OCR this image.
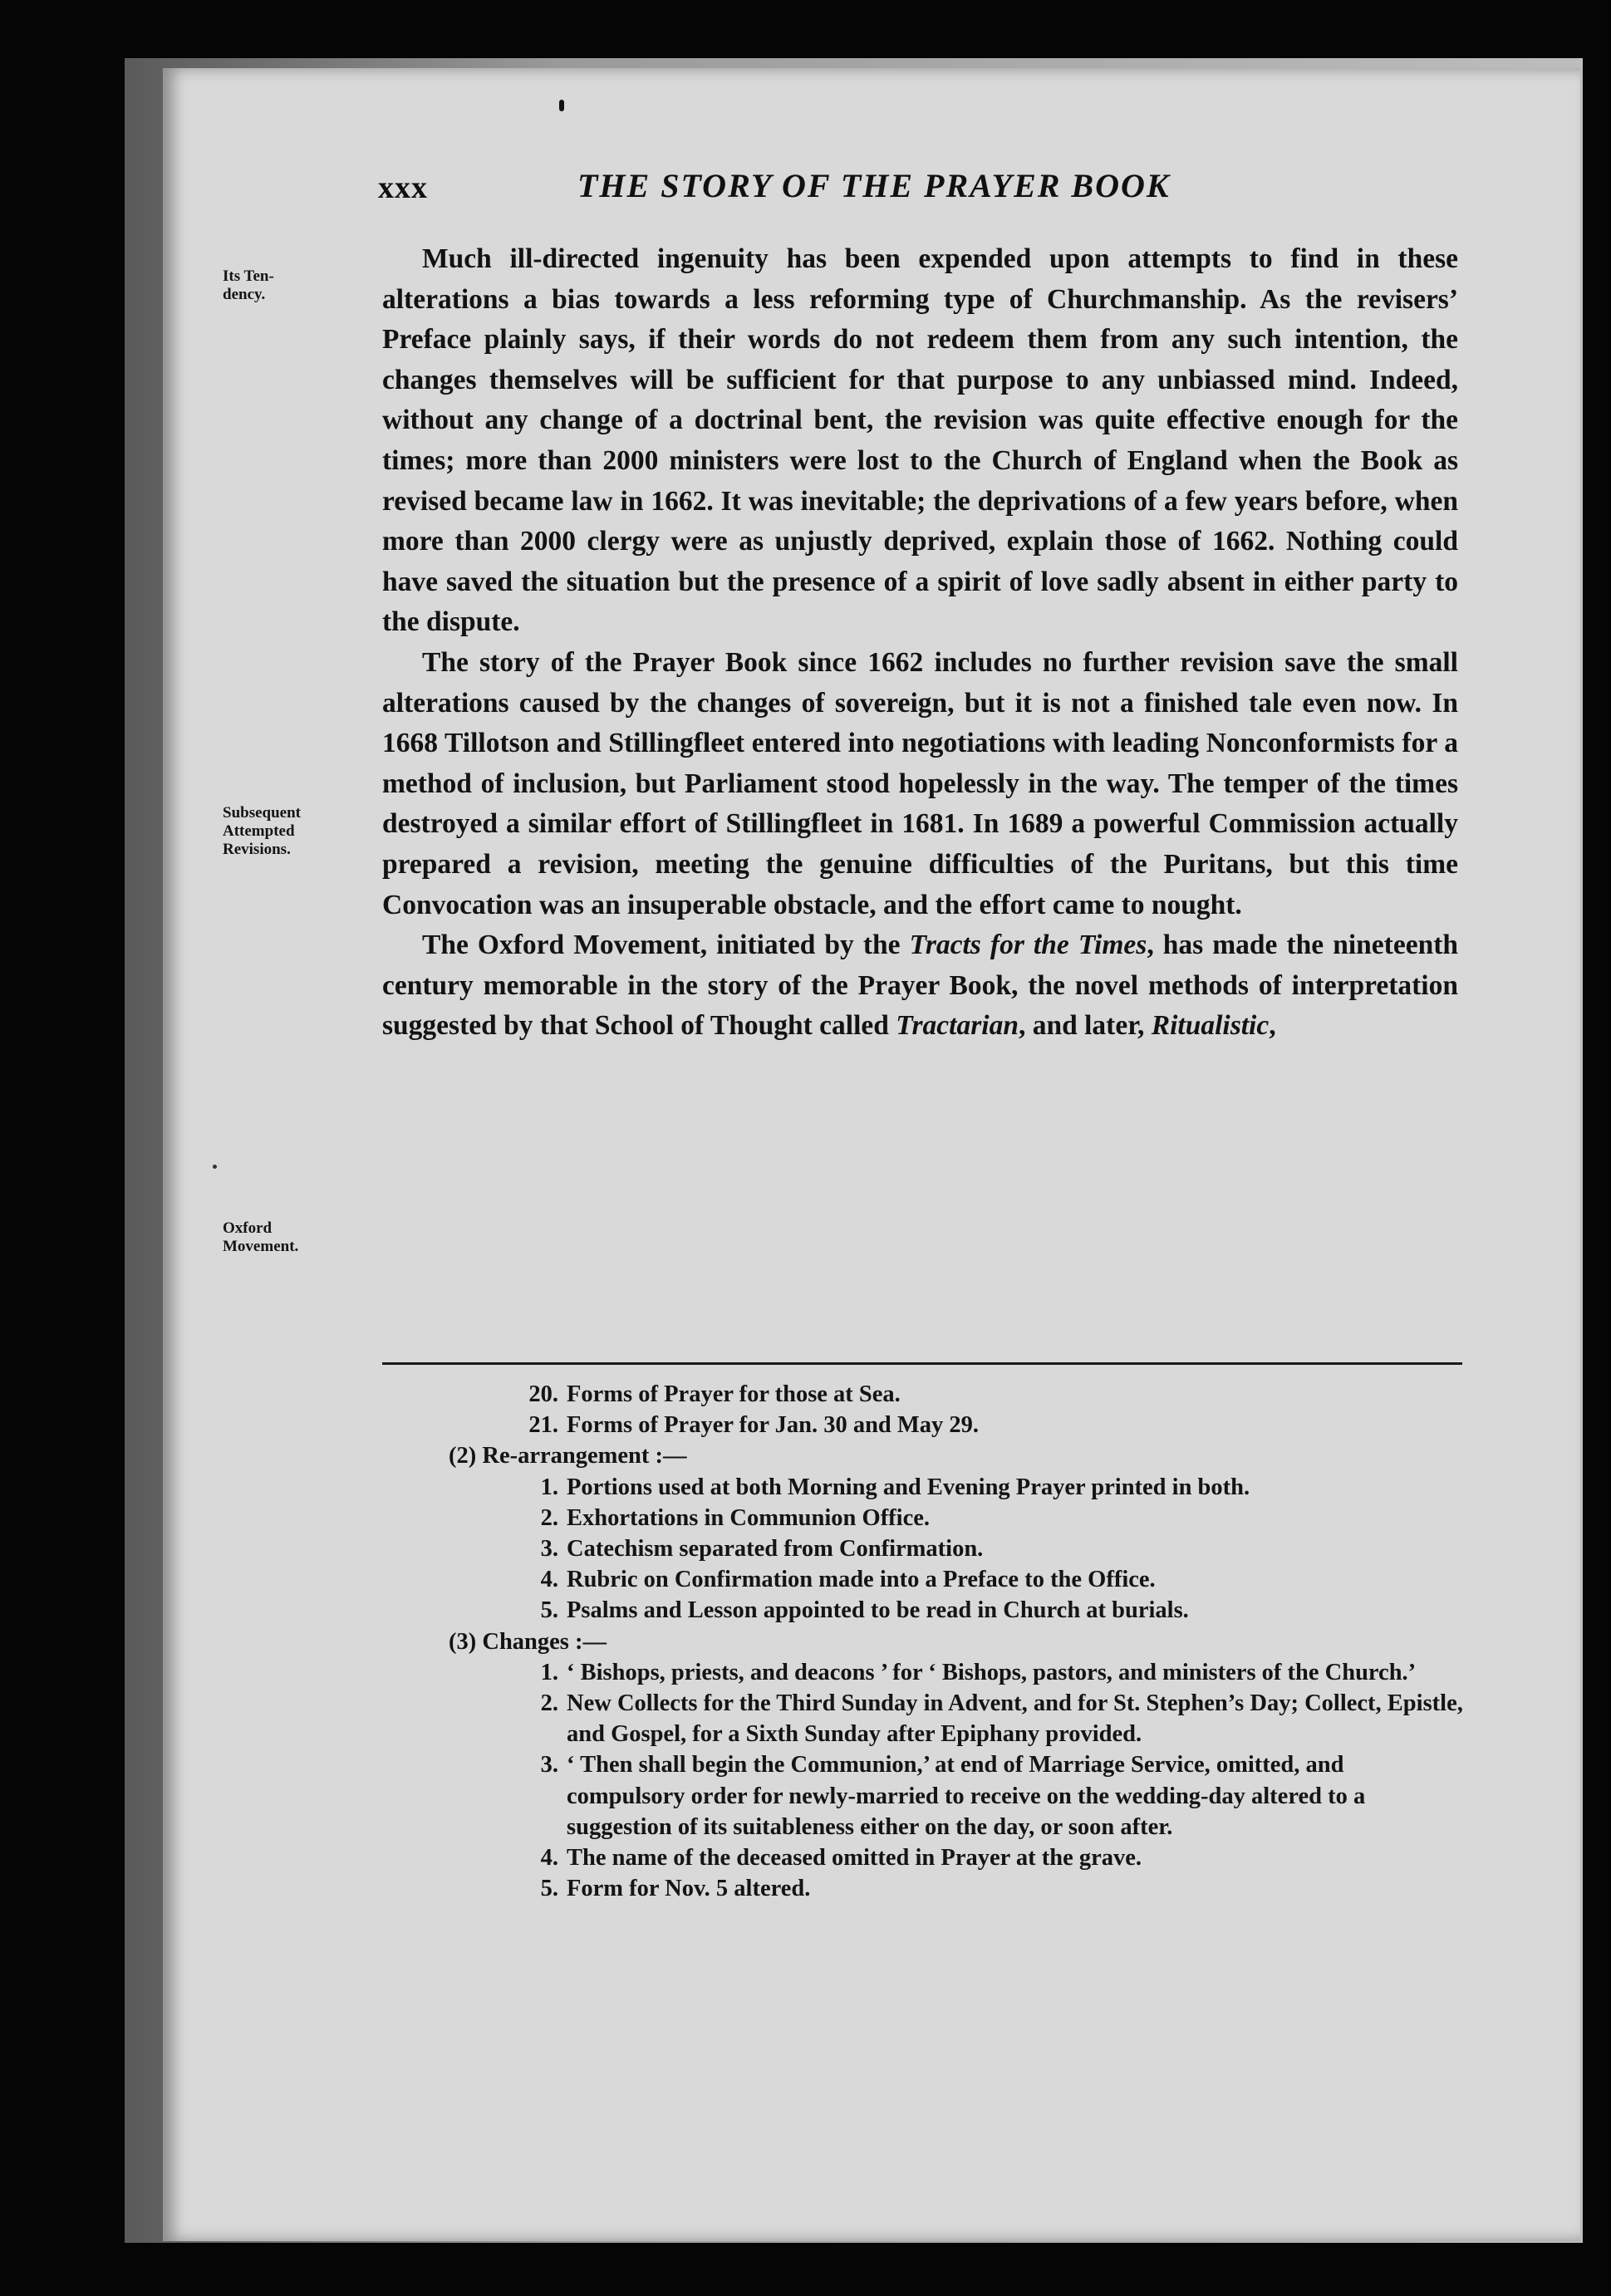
xxx	THE STORY OF THE PRAYER BOOK
Its Ten-
dency.
Subsequent
Attempted
Revisions.
Oxford
Movement.

Much ill-directed ingenuity has been expended upon attempts to find in these alterations a bias towards a less reforming type of Churchmanship. As the revisers’ Preface plainly says, if their words do not redeem them from any such intention, the changes themselves will be sufficient for that purpose to any unbiassed mind. Indeed, without any change of a doctrinal bent, the revision was quite effective enough for the times; more than 2000 ministers were lost to the Church of England when the Book as revised became law in 1662. It was inevitable; the deprivations of a few years before, when more than 2000 clergy were as unjustly deprived, explain those of 1662. Nothing could have saved the situation but the presence of a spirit of love sadly absent in either party to the dispute.

The story of the Prayer Book since 1662 includes no further revision save the small alterations caused by the changes of sovereign, but it is not a finished tale even now. In 1668 Tillotson and Stillingfleet entered into negotiations with leading Nonconformists for a method of inclusion, but Parliament stood hopelessly in the way. The temper of the times destroyed a similar effort of Stillingfleet in 1681. In 1689 a powerful Commission actually prepared a revision, meeting the genuine difficulties of the Puritans, but this time Convocation was an insuperable obstacle, and the effort came to nought.

The Oxford Movement, initiated by the Tracts for the Times, has made the nineteenth century memorable in the story of the Prayer Book, the novel methods of interpretation suggested by that School of Thought called Tractarian, and later, Ritualistic,

20. Forms of Prayer for those at Sea.
21. Forms of Prayer for Jan. 30 and May 29.
(2) Re-arrangement :—
1. Portions used at both Morning and Evening Prayer printed in both.
2. Exhortations in Communion Office.
3. Catechism separated from Confirmation.
4. Rubric on Confirmation made into a Preface to the Office.
5. Psalms and Lesson appointed to be read in Church at burials.
(3) Changes :—
1. ‘ Bishops, priests, and deacons ’ for ‘ Bishops, pastors, and ministers of the Church.’
2. New Collects for the Third Sunday in Advent, and for St. Stephen’s Day; Collect, Epistle, and Gospel, for a Sixth Sunday after Epiphany provided.
3. ‘ Then shall begin the Communion,’ at end of Marriage Service, omitted, and compulsory order for newly-married to receive on the wedding-day altered to a suggestion of its suitableness either on the day, or soon after.
4. The name of the deceased omitted in Prayer at the grave.
5. Form for Nov. 5 altered.
